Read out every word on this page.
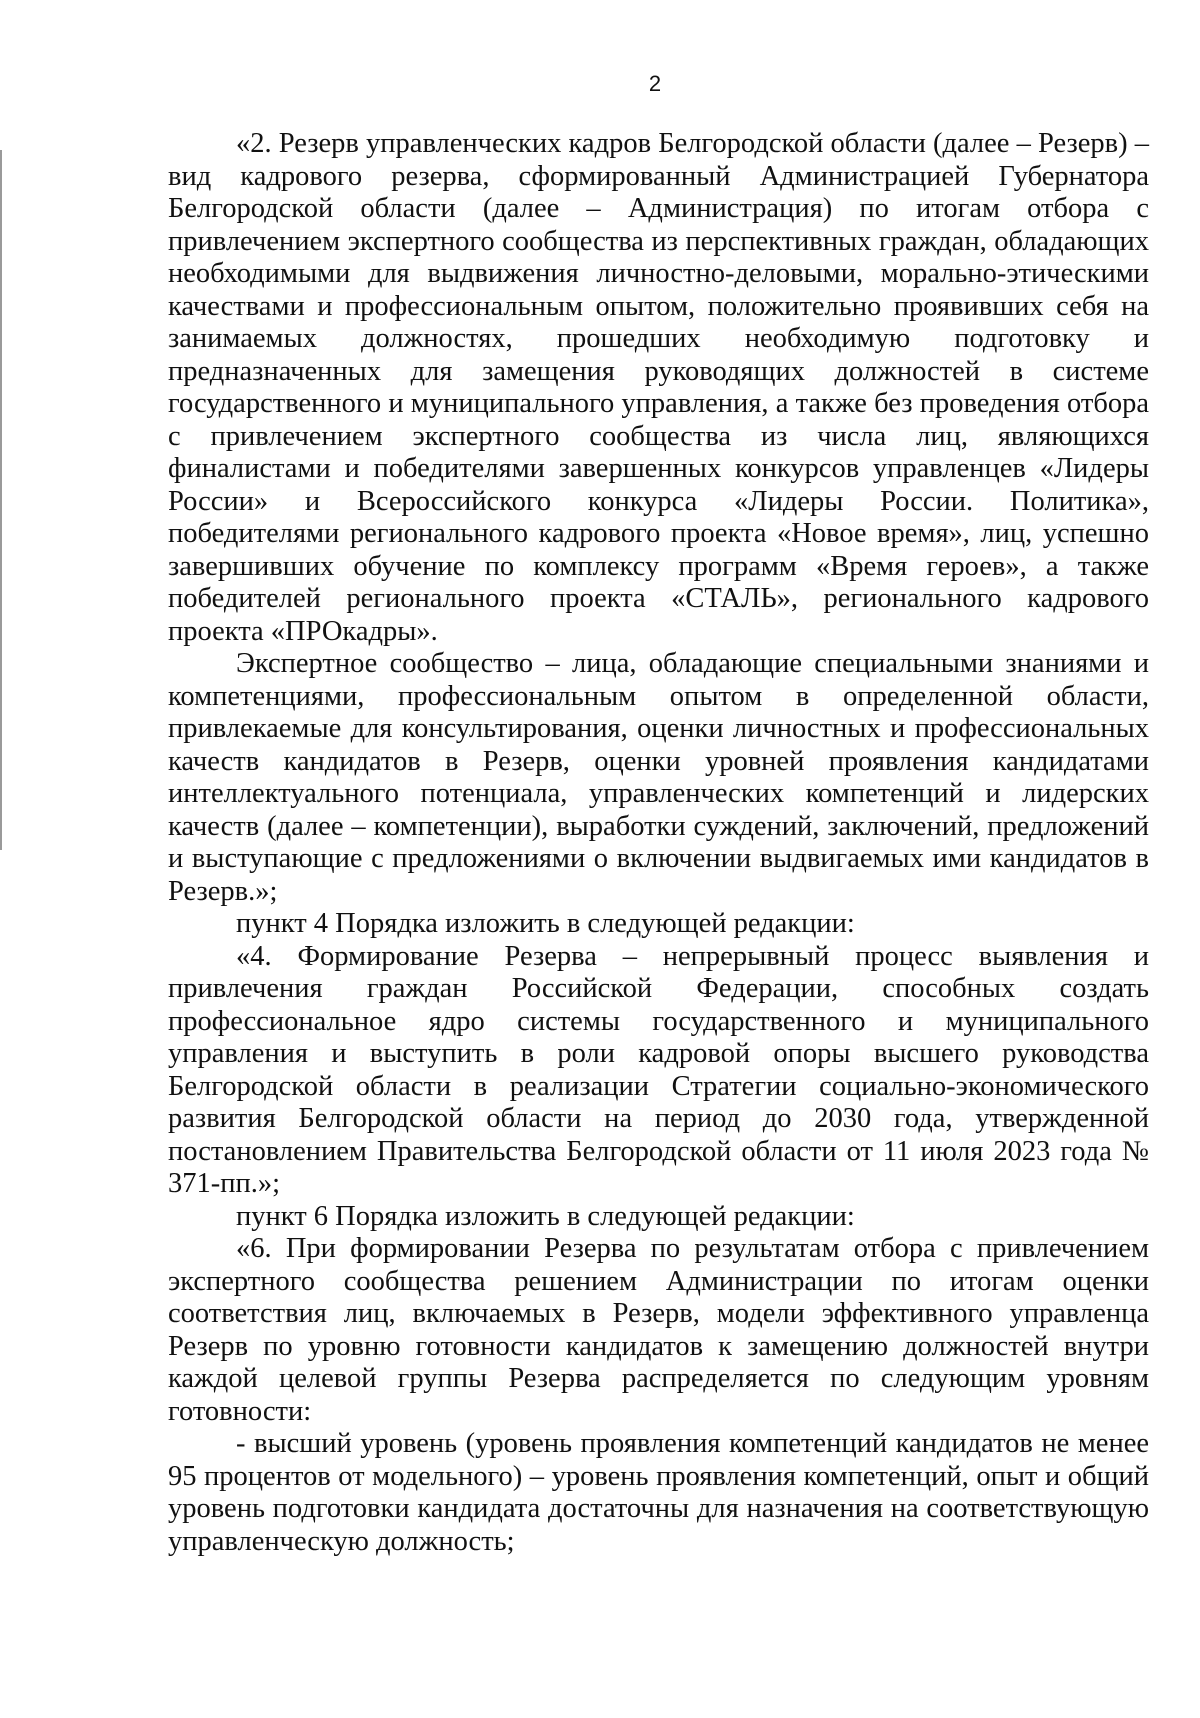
2

«2. Резерв управленческих кадров Белгородской области (далее – Резерв) – вид кадрового резерва, сформированный Администрацией Губернатора Белгородской области (далее – Администрация) по итогам отбора с привлечением экспертного сообщества из перспективных граждан, обладающих необходимыми для выдвижения личностно-деловыми, морально-этическими качествами и профессиональным опытом, положительно проявивших себя на занимаемых должностях, прошедших необходимую подготовку и предназначенных для замещения руководящих должностей в системе государственного и муниципального управления, а также без проведения отбора с привлечением экспертного сообщества из числа лиц, являющихся финалистами и победителями завершенных конкурсов управленцев «Лидеры России» и Всероссийского конкурса «Лидеры России. Политика», победителями регионального кадрового проекта «Новое время», лиц, успешно завершивших обучение по комплексу программ «Время героев», а также победителей регионального проекта «СТАЛЬ», регионального кадрового проекта «ПРОкадры».

Экспертное сообщество – лица, обладающие специальными знаниями и компетенциями, профессиональным опытом в определенной области, привлекаемые для консультирования, оценки личностных и профессиональных качеств кандидатов в Резерв, оценки уровней проявления кандидатами интеллектуального потенциала, управленческих компетенций и лидерских качеств (далее – компетенции), выработки суждений, заключений, предложений и выступающие с предложениями о включении выдвигаемых ими кандидатов в Резерв.»;

пункт 4 Порядка изложить в следующей редакции:

«4. Формирование Резерва – непрерывный процесс выявления и привлечения граждан Российской Федерации, способных создать профессиональное ядро системы государственного и муниципального управления и выступить в роли кадровой опоры высшего руководства Белгородской области в реализации Стратегии социально-экономического развития Белгородской области на период до 2030 года, утвержденной постановлением Правительства Белгородской области от 11 июля 2023 года № 371-пп.»;

пункт 6 Порядка изложить в следующей редакции:

«6. При формировании Резерва по результатам отбора с привлечением экспертного сообщества решением Администрации по итогам оценки соответствия лиц, включаемых в Резерв, модели эффективного управленца Резерв по уровню готовности кандидатов к замещению должностей внутри каждой целевой группы Резерва распределяется по следующим уровням готовности:

- высший уровень (уровень проявления компетенций кандидатов не менее 95 процентов от модельного) – уровень проявления компетенций, опыт и общий уровень подготовки кандидата достаточны для назначения на соответствующую управленческую должность;
